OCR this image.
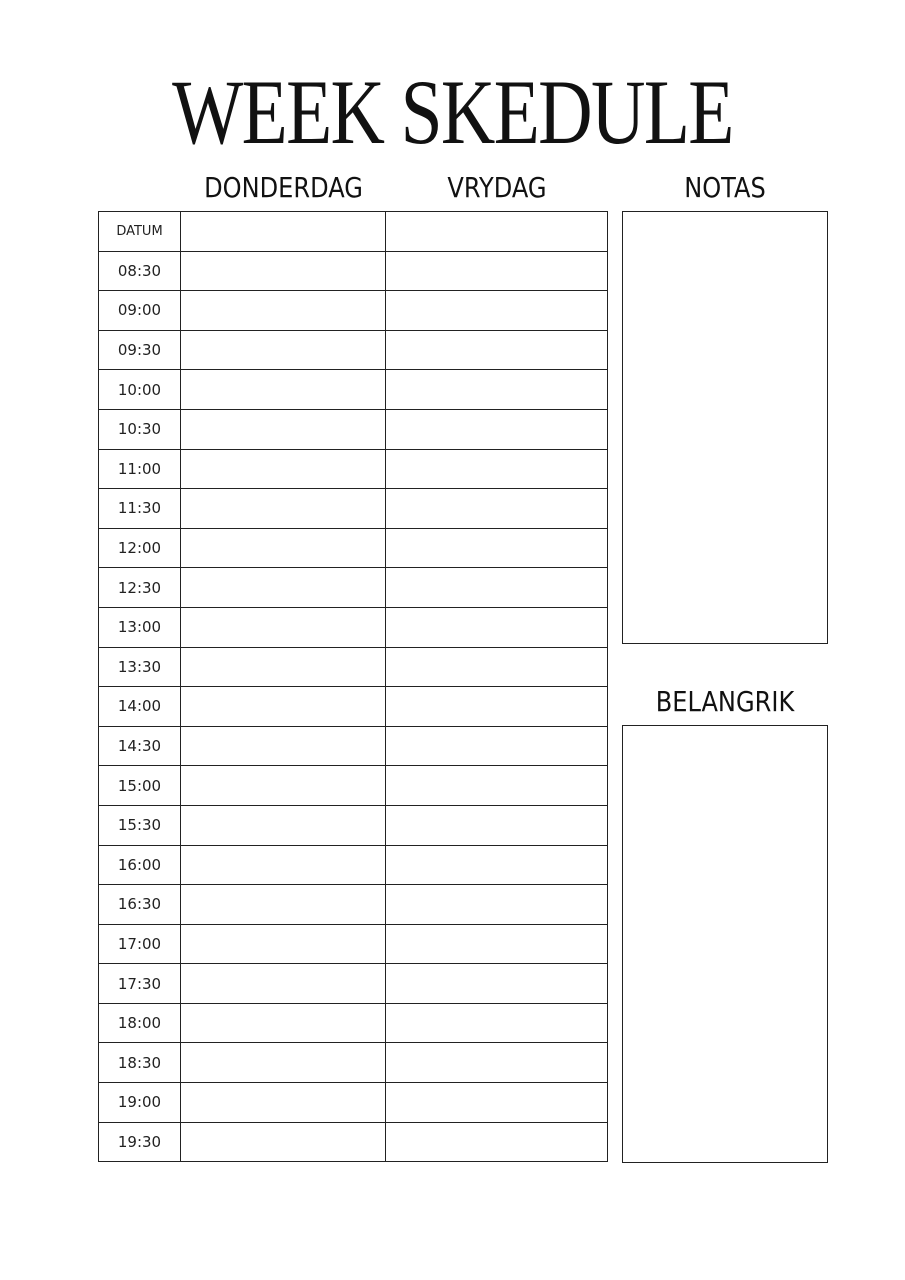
WEEK SKEDULE
DONDERDAG	VRYDAG	NOTAS
DATUM		
08:30		
09:00		
09:30		
10:00		
10:30		
11:00		
11:30		
12:00		
12:30		
13:00		
13:30		
14:00		
14:30		
15:00		
15:30		
16:00		
16:30		
17:00		
17:30		
18:00		
18:30		
19:00		
19:30		
BELANGRIK
